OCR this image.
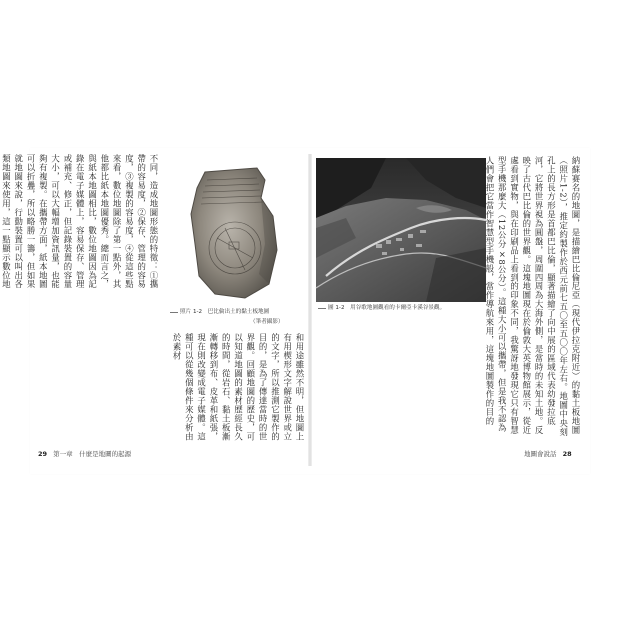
不同，造成地圖形態的特徵：①攜帶的容易度，②保存、管理的容易度，③複製的容易度，④從這些點來看，數位地圖除了第一點外，其他都比紙本地圖優秀。總而言之，與紙本地圖相比，數位地圖因為記錄在電子媒體上，容易保存、管理或補充、修正，但記錄裝置的容量大小，可以大幅增加資訊量，也能夠有複製。在攜帶方面，紙本地圖可以折疊，所以略勝一籌，但如果就地圖來說，行動裝置可以叫出各類地圖來使用，這一點顯示數位地
照片 1-2　巴比倫出土的黏土板地圖
（筆者攝影）
和用途雖然不明，但地圖上有用楔形文字解說世界或立的文字，所以推測它製作的目的，是為了傳達當時的世界觀。回顧地圖的歷史，可以知道地圖的素材歷經長久的時間，從岩石、黏土板漸漸轉移到布、皮革和紙張，現在則改變成電子媒體。這種可以從幾個條件來分析由於素材
29 第一章　什麼是地圖的起源
圖 1-2　用谷歌地圖觀看的卡爾亞卡溪谷景觀。	納蘇赛名的地圖，是描繪巴比倫尼亞（現代伊拉克附近）的黏土板地圖（照片1-2），推定約製作於西元前七五〇至五〇〇年左右。地圖中央刻孔上的長方形是首都巴比倫，顯著描繪了向中展的區域代表幼發拉底河，它將世界視為圓盤，周圍四周為大海外側，是當時的未知土地。反映了古代巴比倫的世界觀。這塊地圖現在於倫敦大英博物館展示，從近處看到實物，與在印刷品上看到的印象不同，我驚訝地發現它只有智慧型手機那麼大（12公分×8公分）。這種大小可以攜帶，但是我不認為人們會把它當作智慧型手機般，當作導航來用，這塊地圖製作的目的
地圖會說話 28
